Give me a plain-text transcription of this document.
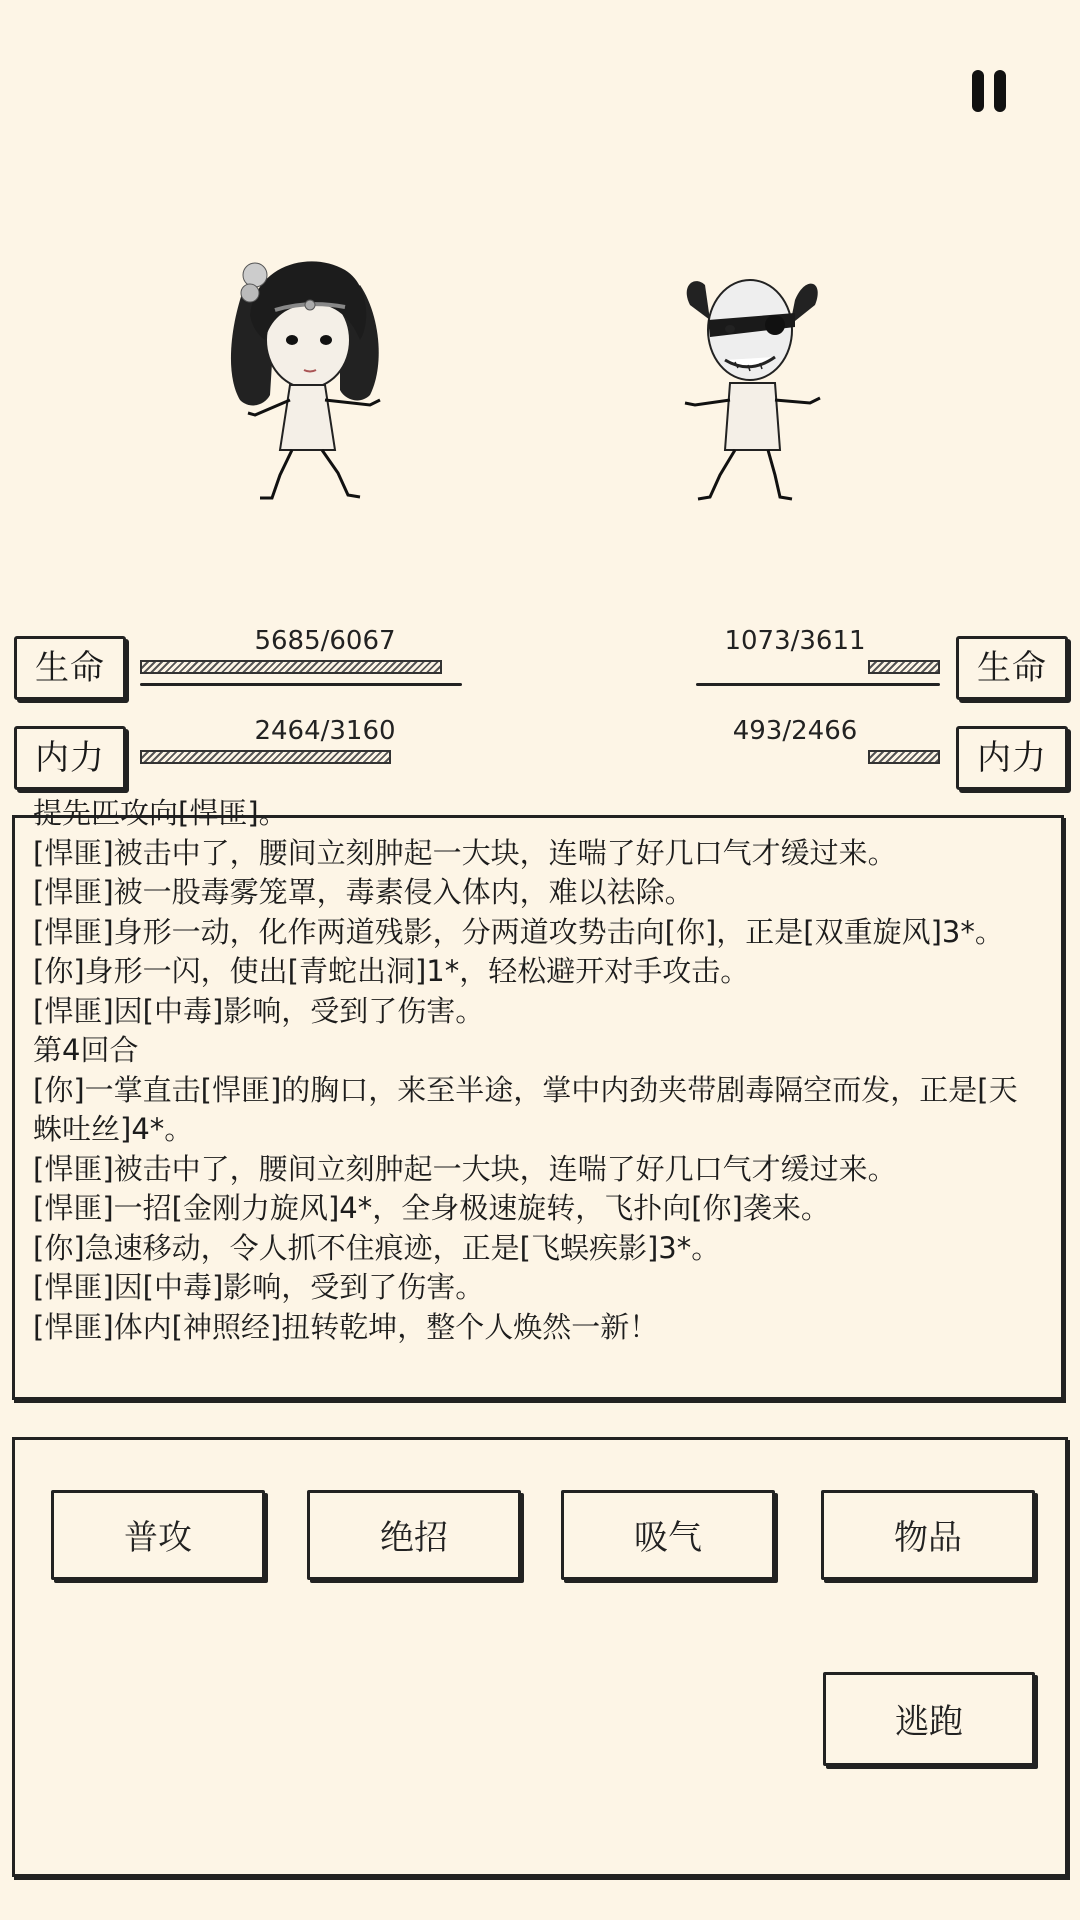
生命
5685/6067
内力
2464/3160
生命
1073/3611
内力
493/2466
提先匹攻向[悍匪]。
[悍匪]被击中了，腰间立刻肿起一大块，连喘了好几口气才缓过来。
[悍匪]被一股毒雾笼罩，毒素侵入体内，难以祛除。
[悍匪]身形一动，化作两道残影，分两道攻势击向[你]，正是[双重旋风]3*。
[你]身形一闪，使出[青蛇出洞]1*，轻松避开对手攻击。
[悍匪]因[中毒]影响，受到了伤害。
第4回合
[你]一掌直击[悍匪]的胸口，来至半途，掌中内劲夹带剧毒隔空而发，正是[天蛛吐丝]4*。
[悍匪]被击中了，腰间立刻肿起一大块，连喘了好几口气才缓过来。
[悍匪]一招[金刚力旋风]4*，全身极速旋转，飞扑向[你]袭来。
[你]急速移动，令人抓不住痕迹，正是[飞蜈疾影]3*。
[悍匪]因[中毒]影响，受到了伤害。
[悍匪]体内[神照经]扭转乾坤，整个人焕然一新！
普攻	绝招	吸气	物品
逃跑
